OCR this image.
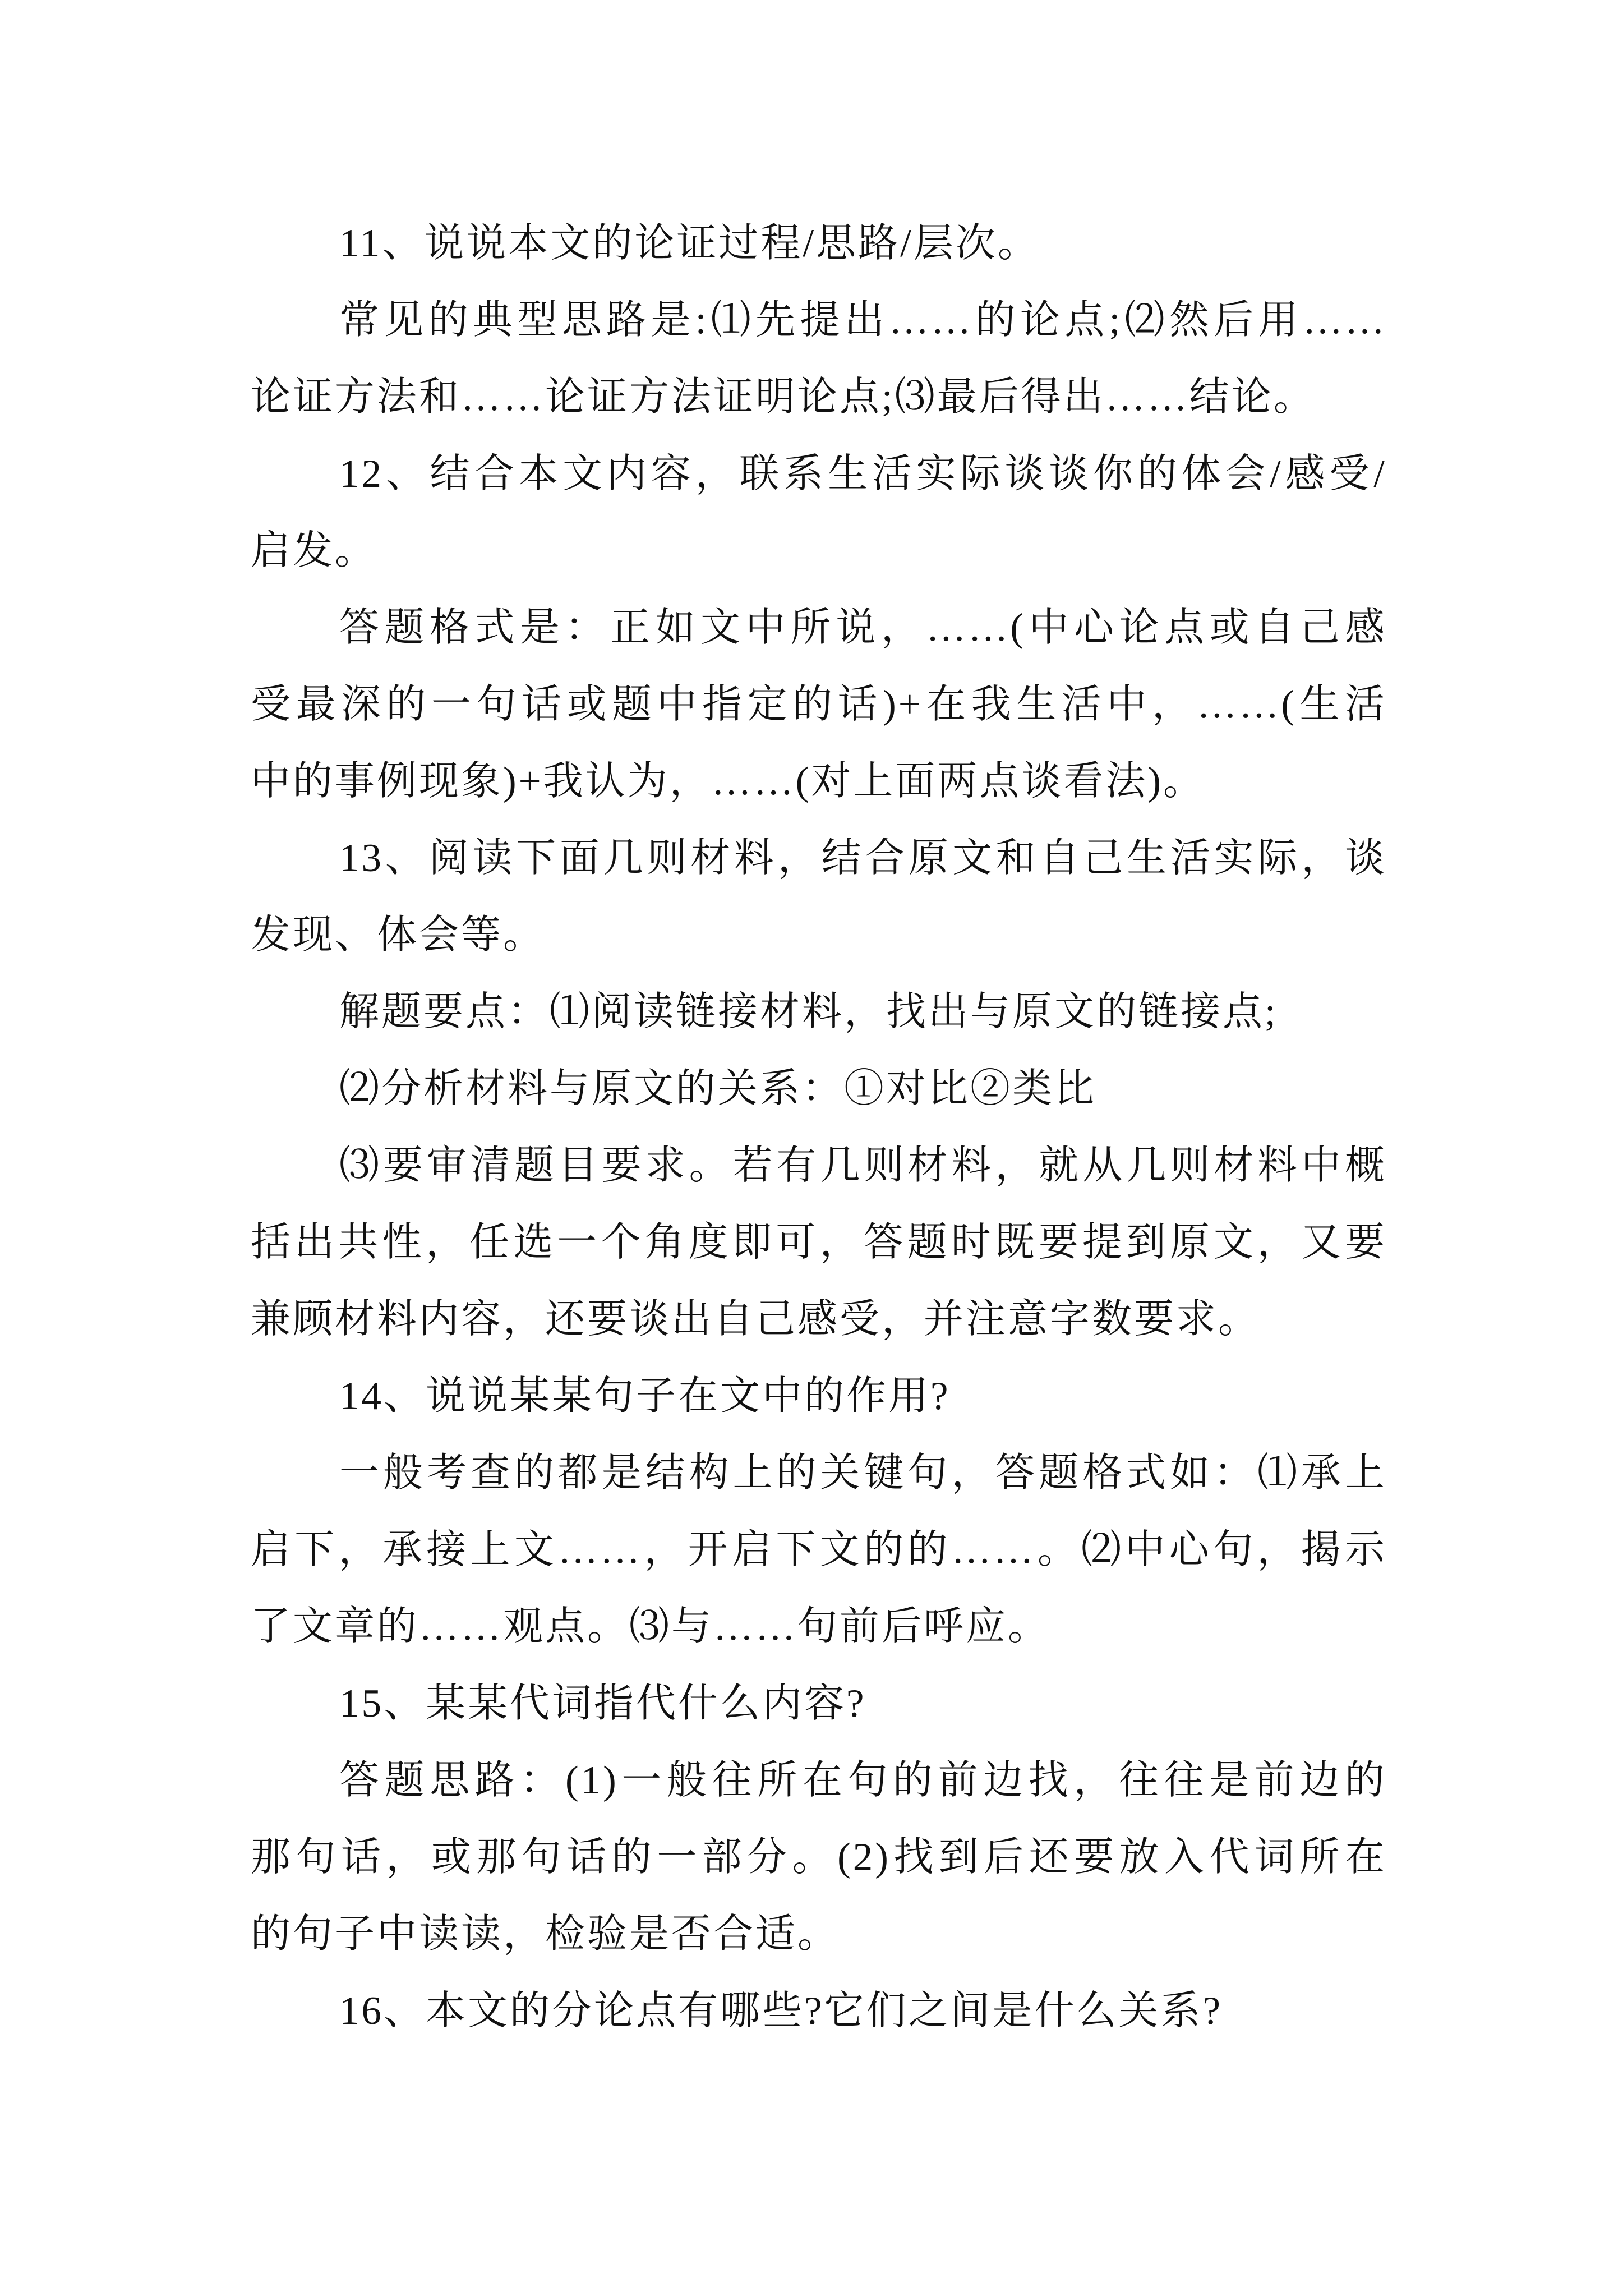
11、说说本文的论证过程/思路/层次。
常见的典型思路是:⑴先提出……的论点;⑵然后用……
论证方法和……论证方法证明论点;⑶最后得出……结论。
12、结合本文内容，联系生活实际谈谈你的体会/感受/
启发。
答题格式是：正如文中所说，……(中心论点或自己感
受最深的一句话或题中指定的话)+在我生活中，……(生活
中的事例现象)+我认为，……(对上面两点谈看法)。
13、阅读下面几则材料，结合原文和自己生活实际，谈
发现、体会等。
解题要点：⑴阅读链接材料，找出与原文的链接点;
⑵分析材料与原文的关系：①对比②类比
⑶要审清题目要求。若有几则材料，就从几则材料中概
括出共性，任选一个角度即可，答题时既要提到原文，又要
兼顾材料内容，还要谈出自己感受，并注意字数要求。
14、说说某某句子在文中的作用?
一般考查的都是结构上的关键句，答题格式如：⑴承上
启下，承接上文……，开启下文的的……。⑵中心句，揭示
了文章的……观点。⑶与……句前后呼应。
15、某某代词指代什么内容?
答题思路：(1)一般往所在句的前边找，往往是前边的
那句话，或那句话的一部分。(2)找到后还要放入代词所在
的句子中读读，检验是否合适。
16、本文的分论点有哪些?它们之间是什么关系?
